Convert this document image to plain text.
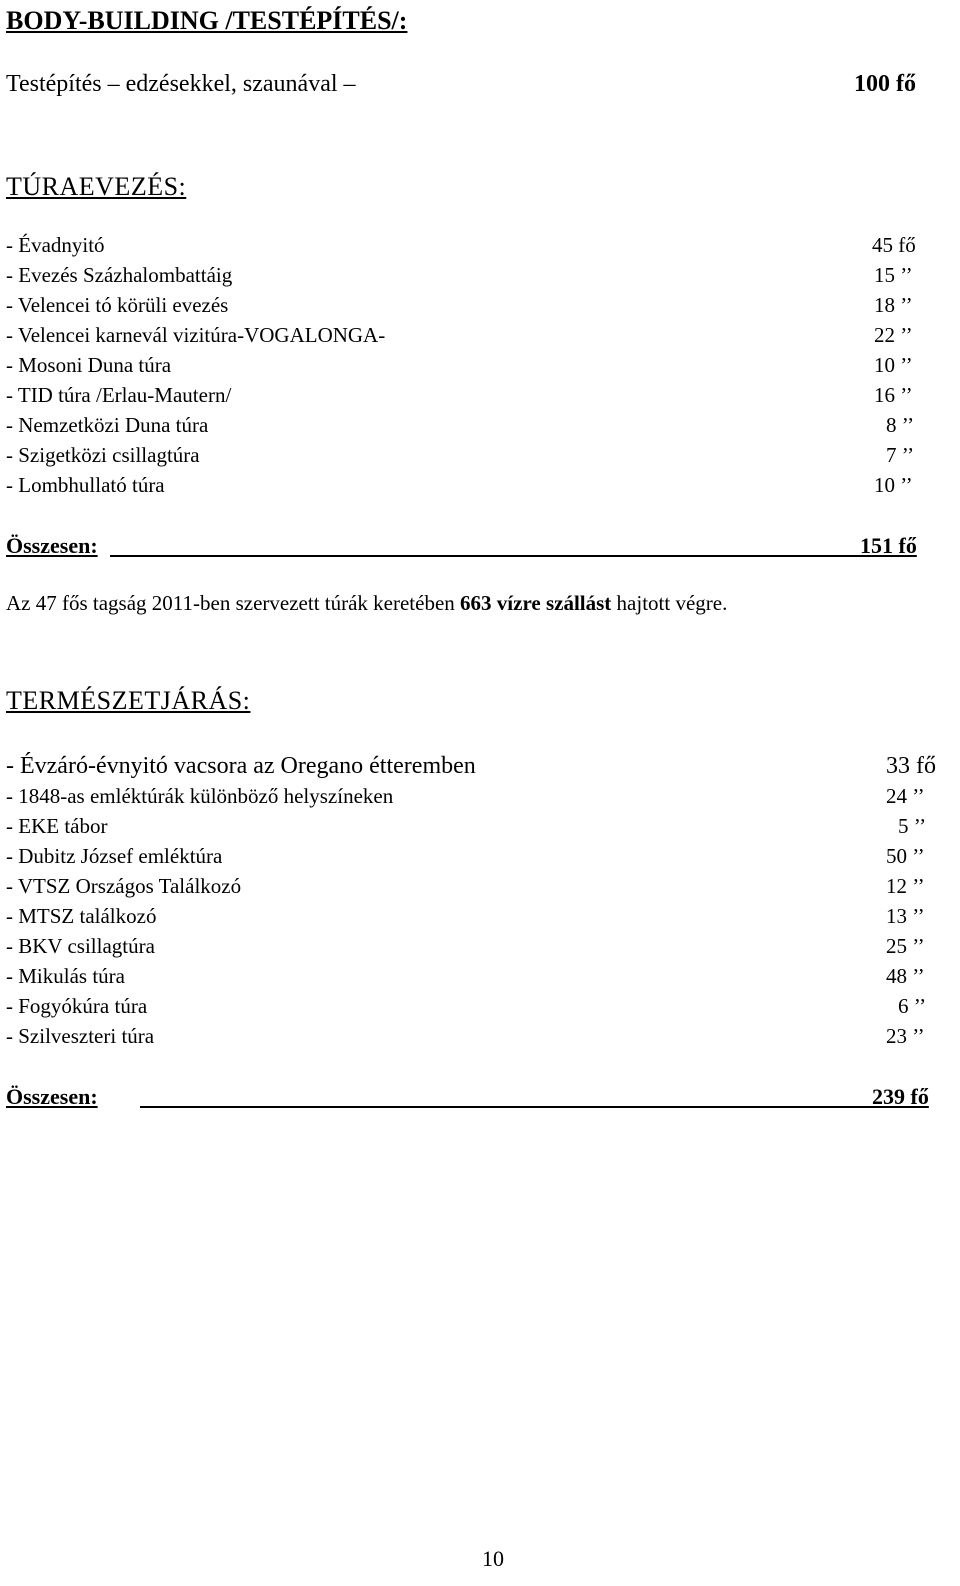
BODY-BUILDING /TESTÉPÍTÉS/:
Testépítés – edzésekkel, szaunával –	100 fő
TÚRAEVEZÉS:
- Évadnyitó	45 fő
- Evezés Százhalombattáig	15 ’’
- Velencei tó körüli evezés	18 ’’
- Velencei karnevál vizitúra-VOGALONGA-	22 ’’
- Mosoni Duna túra	10 ’’
- TID túra /Erlau-Mautern/	16 ’’
- Nemzetközi Duna túra	8 ’’
- Szigetközi csillagtúra	7 ’’
- Lombhullató túra	10 ’’
Összesen:	151 fő
Az 47 fős tagság 2011-ben szervezett túrák keretében 663 vízre szállást hajtott végre.
TERMÉSZETJÁRÁS:
- Évzáró-évnyitó vacsora az Oregano étteremben	33 fő
- 1848-as emléktúrák különböző helyszíneken	24 ’’
- EKE tábor	5 ’’
- Dubitz József emléktúra	50 ’’
- VTSZ Országos Találkozó	12 ’’
- MTSZ találkozó	13 ’’
- BKV csillagtúra	25 ’’
- Mikulás túra	48 ’’
- Fogyókúra túra	6 ’’
- Szilveszteri túra	23 ’’
Összesen:	239 fő
10
